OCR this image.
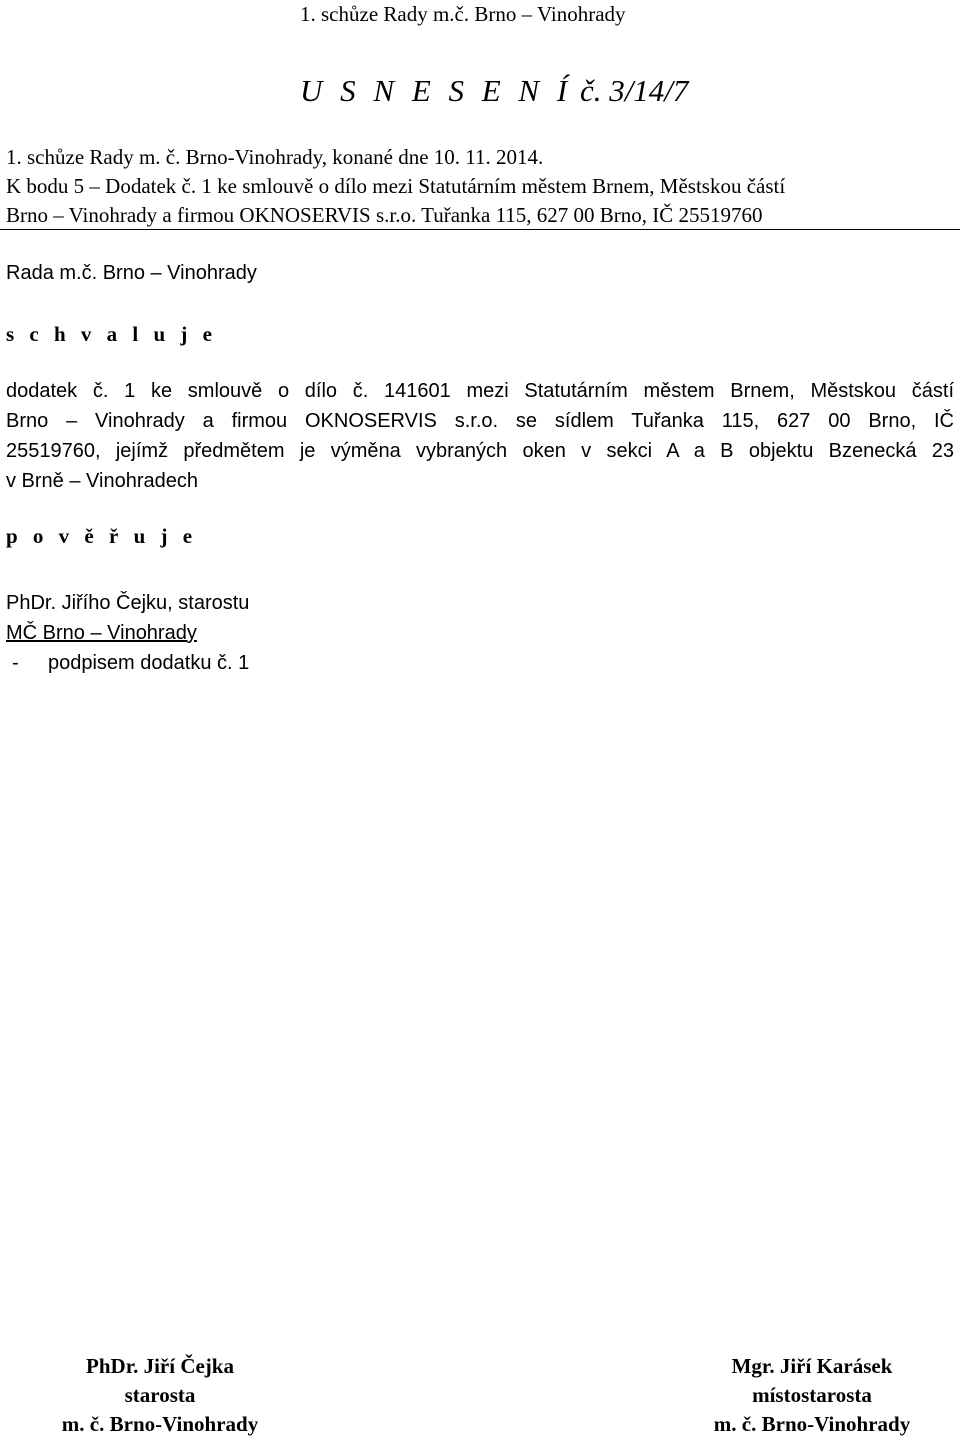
1. schůze Rady m.č. Brno – Vinohrady
U S N E S E N Í č. 3/14/7
1. schůze Rady m. č. Brno-Vinohrady, konané dne 10. 11. 2014.
K bodu 5 – Dodatek č. 1 ke smlouvě o dílo mezi Statutárním městem Brnem, Městskou částí
Brno – Vinohrady a firmou OKNOSERVIS s.r.o. Tuřanka 115, 627 00 Brno, IČ 25519760
Rada m.č. Brno – Vinohrady
s c h v a l u j e
dodatek č. 1 ke smlouvě o dílo č. 141601 mezi Statutárním městem Brnem, Městskou částí
Brno – Vinohrady a firmou OKNOSERVIS s.r.o. se sídlem Tuřanka 115, 627 00 Brno, IČ
25519760, jejímž předmětem je výměna vybraných oken v sekci A a B objektu Bzenecká 23
v Brně – Vinohradech
p o v ě ř u j e
PhDr. Jiřího Čejku, starostu
MČ Brno – Vinohrady
- podpisem dodatku č. 1
PhDr. Jiří Čejka
starosta
m. č. Brno-Vinohrady
Mgr. Jiří Karásek
místostarosta
m. č. Brno-Vinohrady
